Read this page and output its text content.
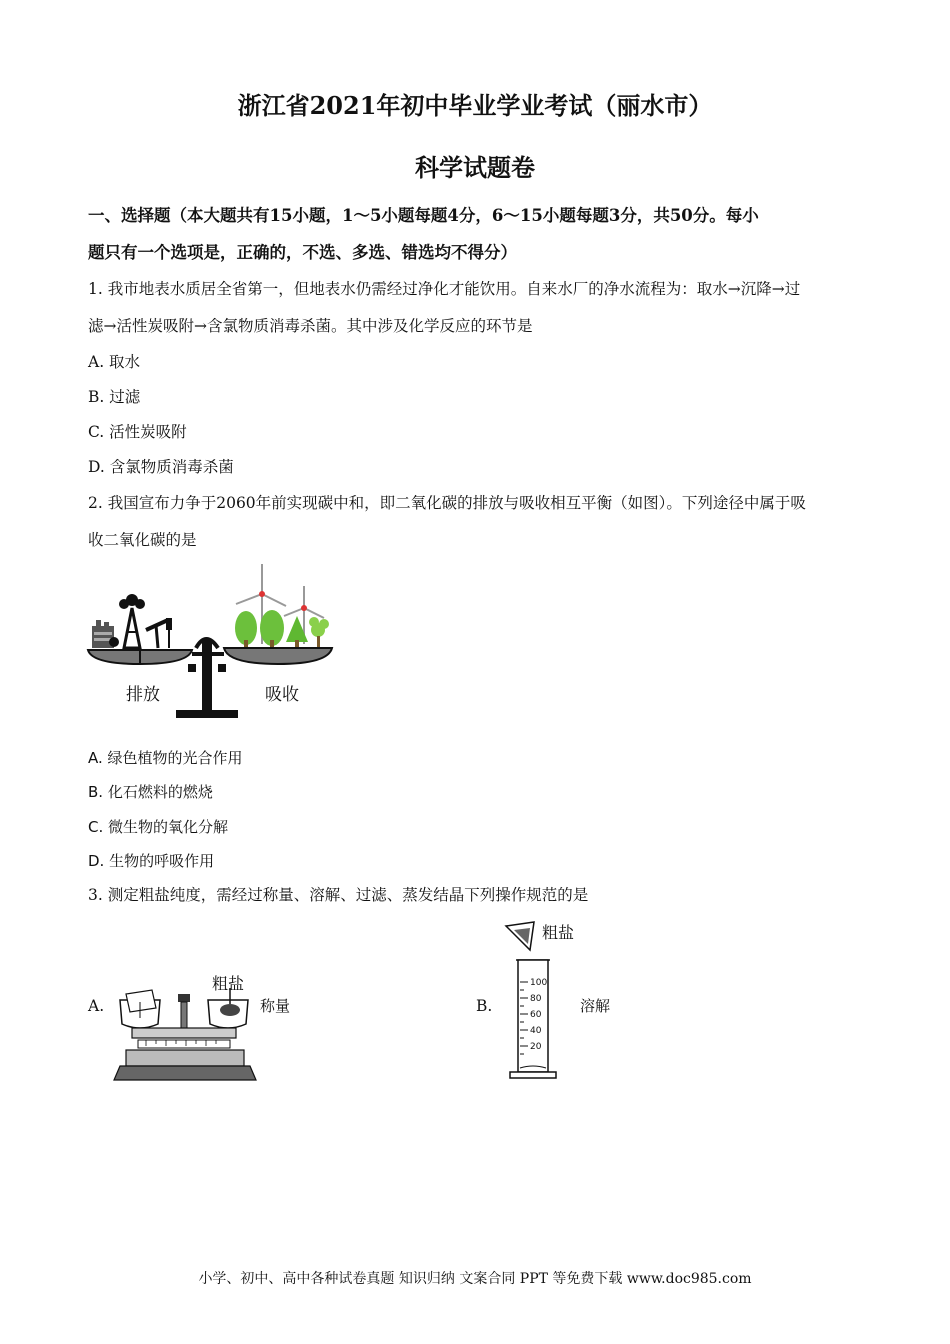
浙江省2021年初中毕业学业考试（丽水市）
科学试题卷
一、选择题（本大题共有15小题，1～5小题每题4分，6～15小题每题3分，共50分。每小
题只有一个选项是，正确的，不选、多选、错选均不得分）
1. 我市地表水质居全省第一，但地表水仍需经过净化才能饮用。自来水厂的净水流程为：取水→沉降→过
滤→活性炭吸附→含氯物质消毒杀菌。其中涉及化学反应的环节是
A. 取水
B. 过滤
C. 活性炭吸附
D. 含氯物质消毒杀菌
2. 我国宣布力争于2060年前实现碳中和，即二氧化碳的排放与吸收相互平衡（如图）。下列途径中属于吸
收二氧化碳的是
排放	吸收
A. 绿色植物的光合作用
B. 化石燃料的燃烧
C. 微生物的氧化分解
D. 生物的呼吸作用
3. 测定粗盐纯度，需经过称量、溶解、过滤、蒸发结晶下列操作规范的是
A.
粗盐
称量	B.
粗盐
100
80
60
40
20
溶解
小学、初中、高中各种试卷真题 知识归纳 文案合同 PPT 等免费下载 www.doc985.com
